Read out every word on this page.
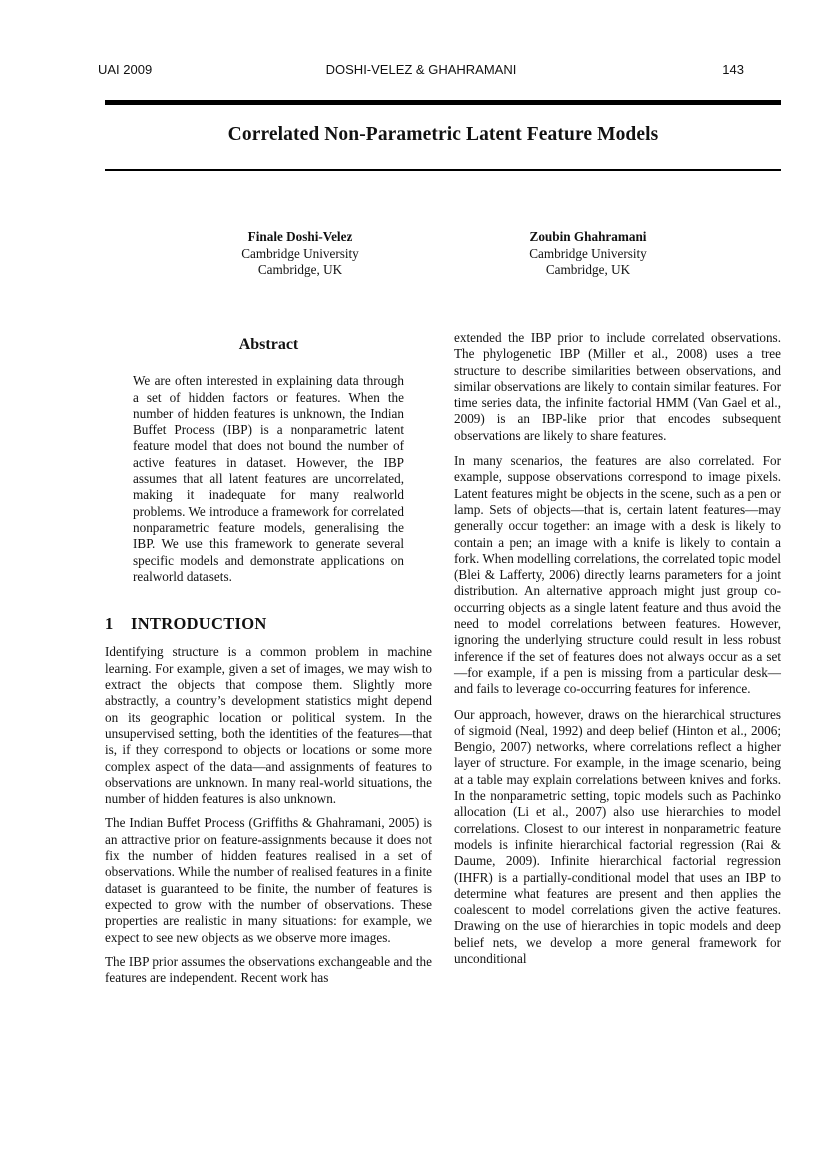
UAI 2009	DOSHI-VELEZ & GHAHRAMANI	143
Correlated Non-Parametric Latent Feature Models
Finale Doshi-Velez
Cambridge University
Cambridge, UK
Zoubin Ghahramani
Cambridge University
Cambridge, UK
Abstract

We are often interested in explaining data through a set of hidden factors or features. When the number of hidden features is unknown, the Indian Buffet Process (IBP) is a nonparametric latent feature model that does not bound the number of active features in dataset. However, the IBP assumes that all latent features are uncorrelated, making it inadequate for many realworld problems. We introduce a framework for correlated nonparametric feature models, generalising the IBP. We use this framework to generate several specific models and demonstrate applications on realworld datasets.

1 INTRODUCTION

Identifying structure is a common problem in machine learning. For example, given a set of images, we may wish to extract the objects that compose them. Slightly more abstractly, a country’s development statistics might depend on its geographic location or political system. In the unsupervised setting, both the identities of the features—that is, if they correspond to objects or locations or some more complex aspect of the data—and assignments of features to observations are unknown. In many real-world situations, the number of hidden features is also unknown.

The Indian Buffet Process (Griffiths & Ghahramani, 2005) is an attractive prior on feature-assignments because it does not fix the number of hidden features realised in a set of observations. While the number of realised features in a finite dataset is guaranteed to be finite, the number of features is expected to grow with the number of observations. These properties are realistic in many situations: for example, we expect to see new objects as we observe more images.

The IBP prior assumes the observations exchangeable and the features are independent. Recent work has

extended the IBP prior to include correlated observations. The phylogenetic IBP (Miller et al., 2008) uses a tree structure to describe similarities between observations, and similar observations are likely to contain similar features. For time series data, the infinite factorial HMM (Van Gael et al., 2009) is an IBP-like prior that encodes subsequent observations are likely to share features.

In many scenarios, the features are also correlated. For example, suppose observations correspond to image pixels. Latent features might be objects in the scene, such as a pen or lamp. Sets of objects—that is, certain latent features—may generally occur together: an image with a desk is likely to contain a pen; an image with a knife is likely to contain a fork. When modelling correlations, the correlated topic model (Blei & Lafferty, 2006) directly learns parameters for a joint distribution. An alternative approach might just group co-occurring objects as a single latent feature and thus avoid the need to model correlations between features. However, ignoring the underlying structure could result in less robust inference if the set of features does not always occur as a set—for example, if a pen is missing from a particular desk—and fails to leverage co-occurring features for inference.

Our approach, however, draws on the hierarchical structures of sigmoid (Neal, 1992) and deep belief (Hinton et al., 2006; Bengio, 2007) networks, where correlations reflect a higher layer of structure. For example, in the image scenario, being at a table may explain correlations between knives and forks. In the nonparametric setting, topic models such as Pachinko allocation (Li et al., 2007) also use hierarchies to model correlations. Closest to our interest in nonparametric feature models is infinite hierarchical factorial regression (Rai & Daume, 2009). Infinite hierarchical factorial regression (IHFR) is a partially-conditional model that uses an IBP to determine what features are present and then applies the coalescent to model correlations given the active features. Drawing on the use of hierarchies in topic models and deep belief nets, we develop a more general framework for unconditional
